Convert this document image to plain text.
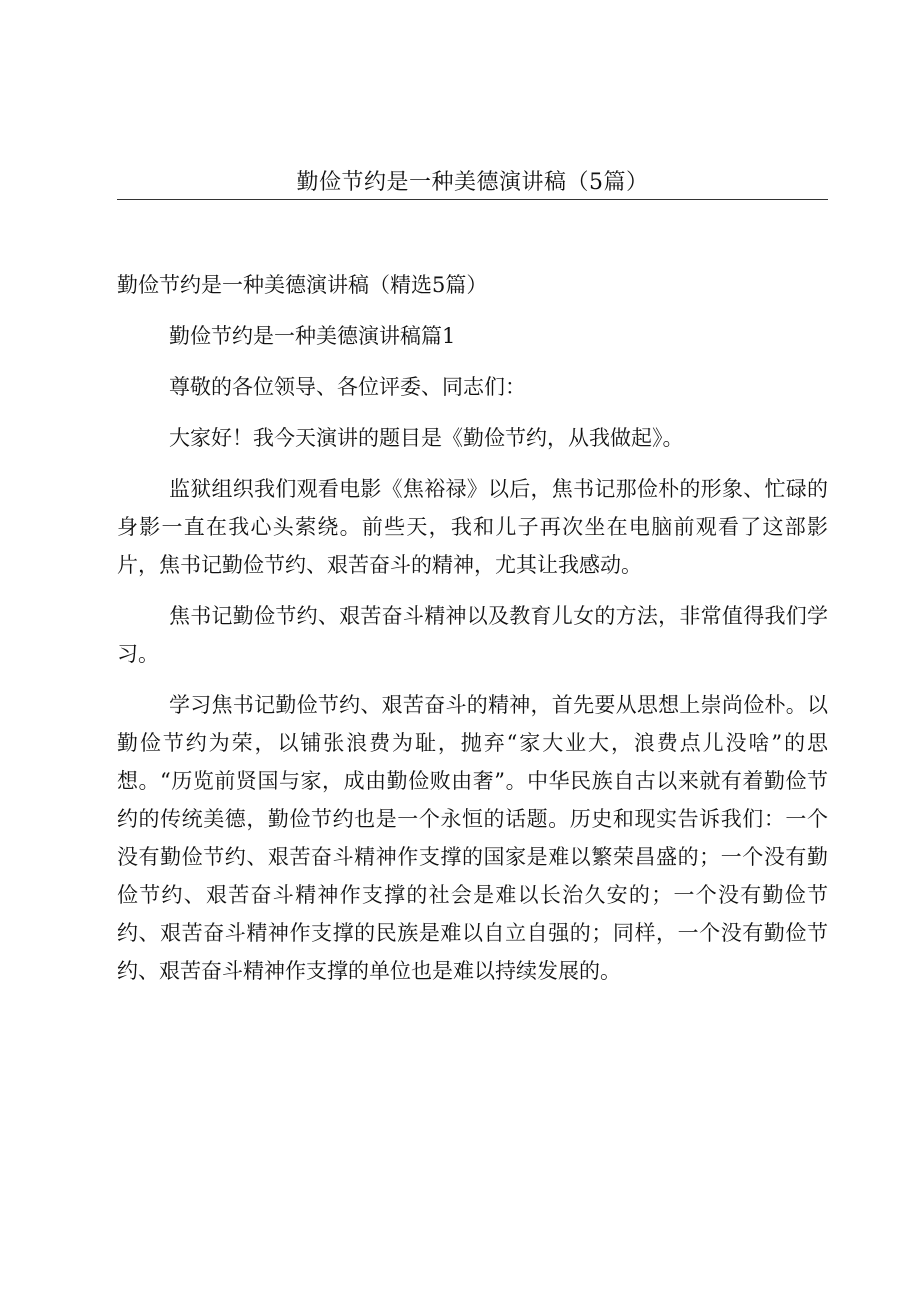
勤俭节约是一种美德演讲稿（5篇）

勤俭节约是一种美德演讲稿（精选5篇）

勤俭节约是一种美德演讲稿篇1

尊敬的各位领导、各位评委、同志们：

大家好！我今天演讲的题目是《勤俭节约，从我做起》。

监狱组织我们观看电影《焦裕禄》以后，焦书记那俭朴的形象、忙碌的身影一直在我心头萦绕。前些天，我和儿子再次坐在电脑前观看了这部影片，焦书记勤俭节约、艰苦奋斗的精神，尤其让我感动。

焦书记勤俭节约、艰苦奋斗精神以及教育儿女的方法，非常值得我们学习。

学习焦书记勤俭节约、艰苦奋斗的精神，首先要从思想上崇尚俭朴。以勤俭节约为荣，以铺张浪费为耻，抛弃“家大业大，浪费点儿没啥”的思想。“历览前贤国与家，成由勤俭败由奢”。中华民族自古以来就有着勤俭节约的传统美德，勤俭节约也是一个永恒的话题。历史和现实告诉我们：一个没有勤俭节约、艰苦奋斗精神作支撑的国家是难以繁荣昌盛的；一个没有勤俭节约、艰苦奋斗精神作支撑的社会是难以长治久安的；一个没有勤俭节约、艰苦奋斗精神作支撑的民族是难以自立自强的；同样，一个没有勤俭节约、艰苦奋斗精神作支撑的单位也是难以持续发展的。
